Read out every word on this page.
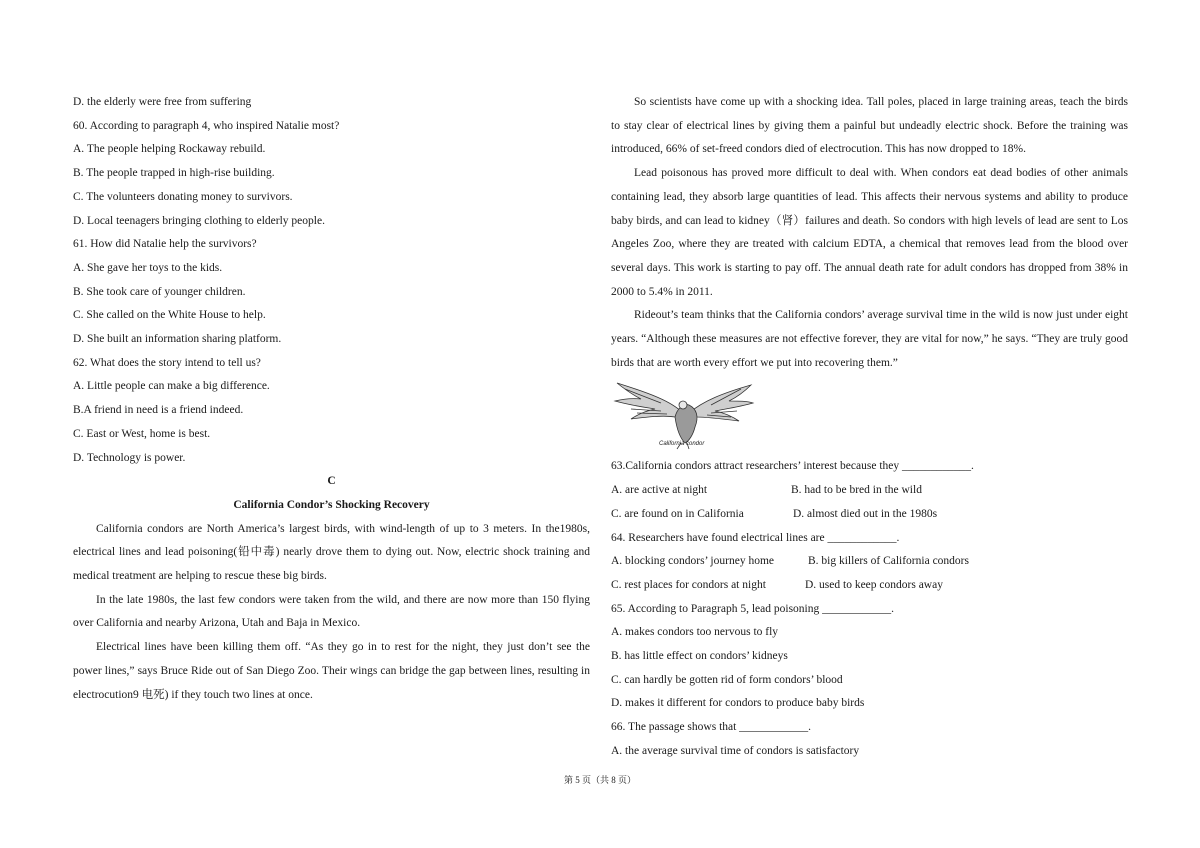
D. the elderly were free from suffering
60. According to paragraph 4, who inspired Natalie most?
A. The people helping Rockaway rebuild.
B. The people trapped in high-rise building.
C. The volunteers donating money to survivors.
D. Local teenagers bringing clothing to elderly people.
61. How did Natalie help the survivors?
A. She gave her toys to the kids.
B. She took care of younger children.
C. She called on the White House to help.
D. She built an information sharing platform.
62. What does the story intend to tell us?
A. Little people can make a big difference.
B.A friend in need is a friend indeed.
C. East or West, home is best.
D. Technology is power.
C
California Condor’s Shocking Recovery

California condors are North America’s largest birds, with wind-length of up to 3 meters. In the1980s, electrical lines and lead poisoning(铅中毒) nearly drove them to dying out. Now, electric shock training and medical treatment are helping to rescue these big birds.

In the late 1980s, the last few condors were taken from the wild, and there are now more than 150 flying over California and nearby Arizona, Utah and Baja in Mexico.

Electrical lines have been killing them off. “As they go in to rest for the night, they just don’t see the power lines,” says Bruce Ride out of San Diego Zoo. Their wings can bridge the gap between lines, resulting in electrocution9 电死) if they touch two lines at once.

So scientists have come up with a shocking idea. Tall poles, placed in large training areas, teach the birds to stay clear of electrical lines by giving them a painful but undeadly electric shock. Before the training was introduced, 66% of set-freed condors died of electrocution. This has now dropped to 18%.

Lead poisonous has proved more difficult to deal with. When condors eat dead bodies of other animals containing lead, they absorb large quantities of lead. This affects their nervous systems and ability to produce baby birds, and can lead to kidney（肾）failures and death. So condors with high levels of lead are sent to Los Angeles Zoo, where they are treated with calcium EDTA, a chemical that removes lead from the blood over several days. This work is starting to pay off. The annual death rate for adult condors has dropped from 38% in 2000 to 5.4% in 2011.

Rideout’s team thinks that the California condors’ average survival time in the wild is now just under eight years. “Although these measures are not effective forever, they are vital for now,” he says. “They are truly good birds that are worth every effort we put into recovering them.”

California condor
63.California condors attract researchers’ interest because they ____________.
A. are active at night	B. had to be bred in the wild
C. are found on in California	D. almost died out in the 1980s
64. Researchers have found electrical lines are ____________.
A. blocking condors’ journey home	B. big killers of California condors
C. rest places for condors at night	D. used to keep condors away
65. According to Paragraph 5, lead poisoning ____________.
A. makes condors too nervous to fly
B. has little effect on condors’ kidneys
C. can hardly be gotten rid of form condors’ blood
D. makes it different for condors to produce baby birds
66. The passage shows that ____________.
A. the average survival time of condors is satisfactory
第 5 页（共 8 页）
